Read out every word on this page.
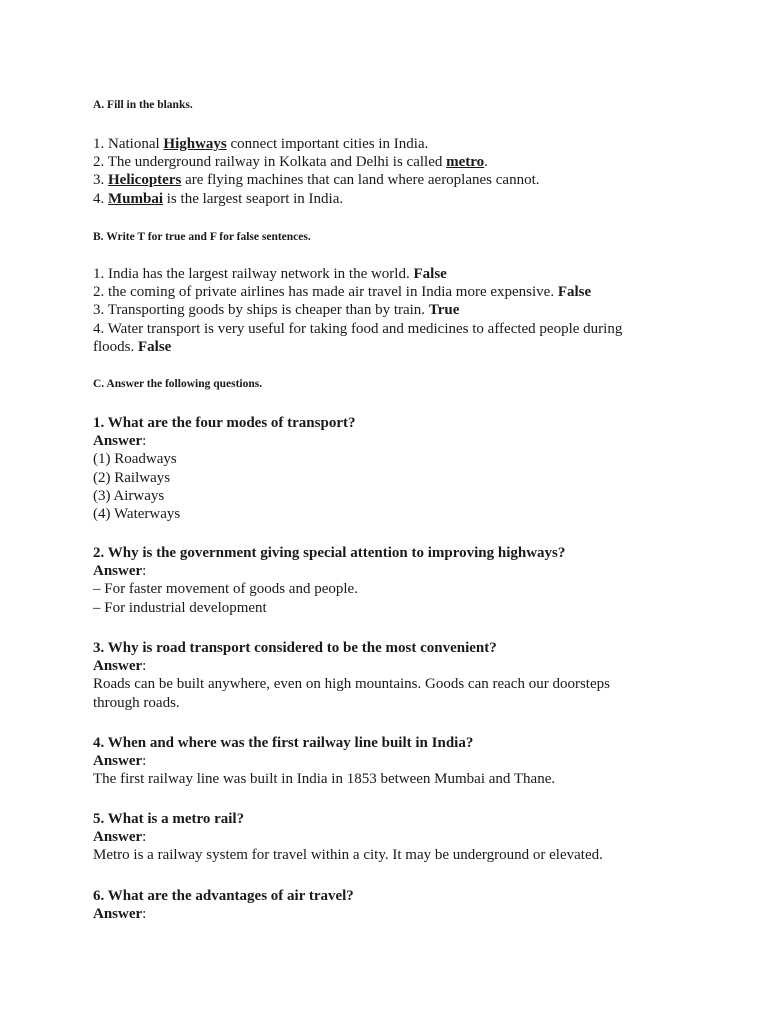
A. Fill in the blanks.

1. National Highways connect important cities in India.

2. The underground railway in Kolkata and Delhi is called metro.

3. Helicopters are flying machines that can land where aeroplanes cannot.

4. Mumbai is the largest seaport in India.

B. Write T for true and F for false sentences.

1. India has the largest railway network in the world. False

2. the coming of private airlines has made air travel in India more expensive. False

3. Transporting goods by ships is cheaper than by train. True

4. Water transport is very useful for taking food and medicines to affected people during floods. False

C. Answer the following questions.

1. What are the four modes of transport?

Answer:

(1) Roadways

(2) Railways

(3) Airways

(4) Waterways

2. Why is the government giving special attention to improving highways?

Answer:

– For faster movement of goods and people.

– For industrial development

3. Why is road transport considered to be the most convenient?

Answer:

Roads can be built anywhere, even on high mountains. Goods can reach our doorsteps

through roads.

4. When and where was the first railway line built in India?

Answer:

The first railway line was built in India in 1853 between Mumbai and Thane.

5. What is a metro rail?

Answer:

Metro is a railway system for travel within a city. It may be underground or elevated.

6. What are the advantages of air travel?

Answer:
